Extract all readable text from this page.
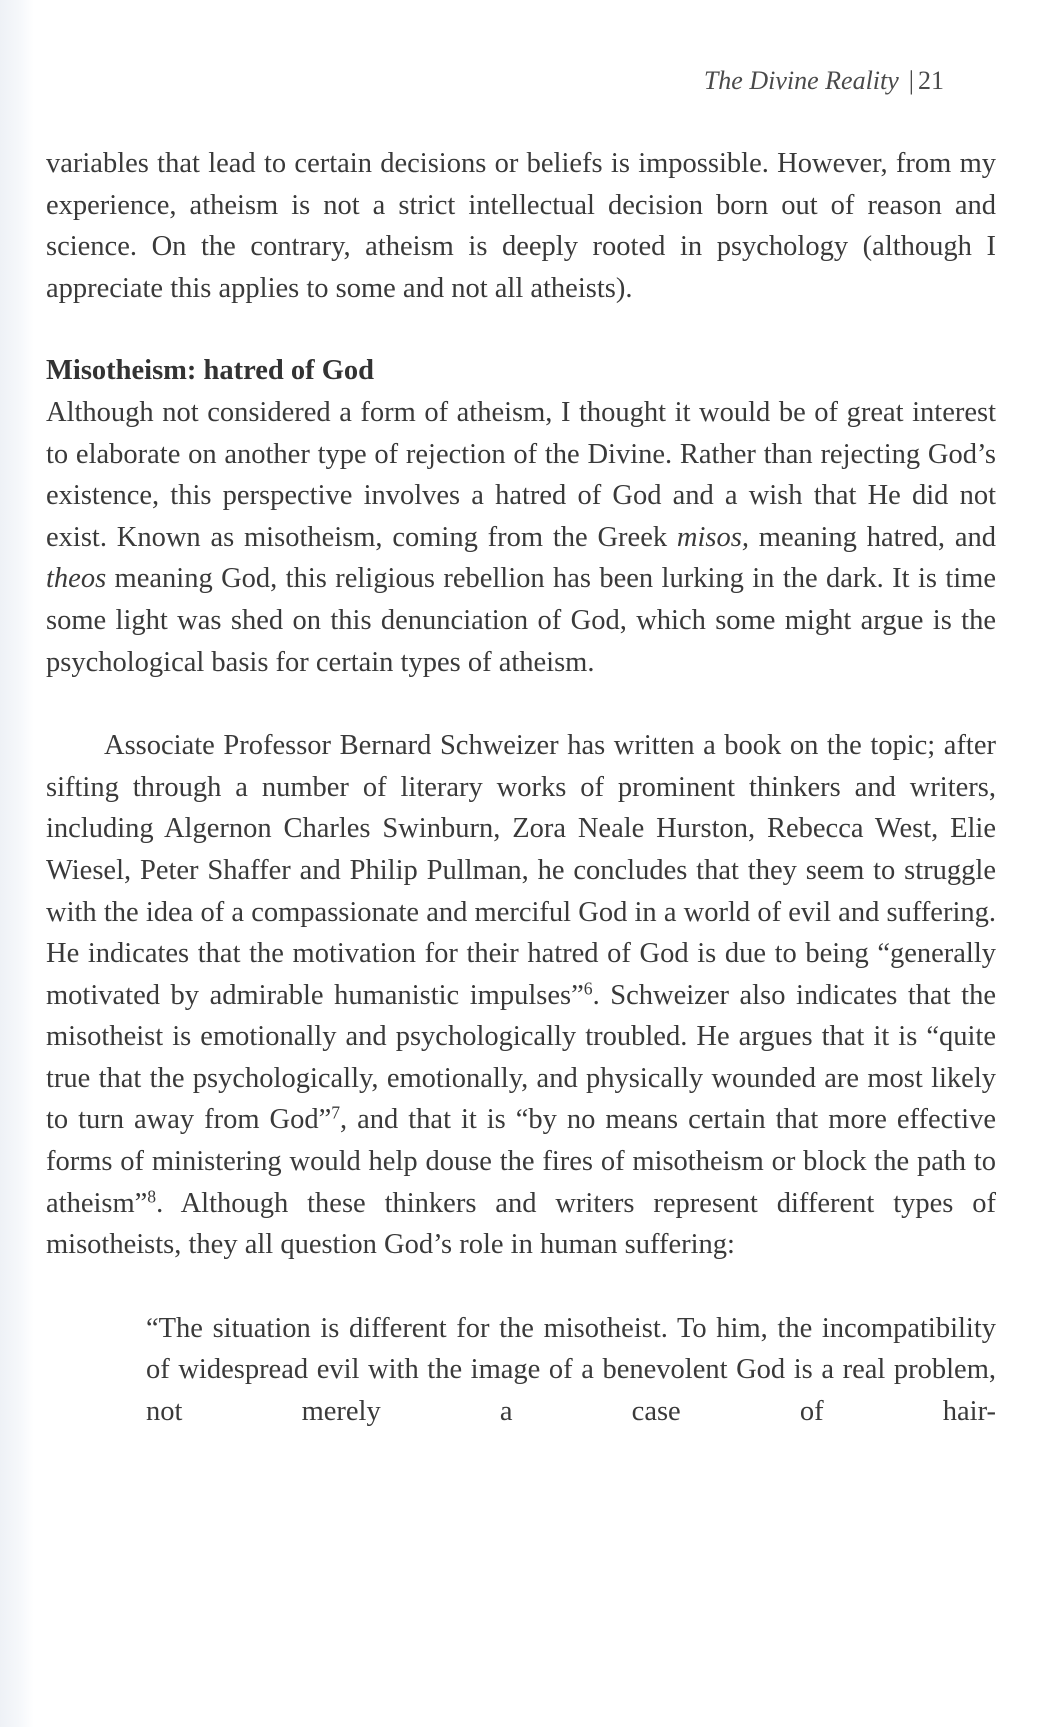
The Divine Reality | 21

variables that lead to certain decisions or beliefs is impossible. However, from my experience, atheism is not a strict intellectual decision born out of reason and science. On the contrary, atheism is deeply rooted in psychology (although I appreciate this applies to some and not all atheists).

Misotheism: hatred of God

Although not considered a form of atheism, I thought it would be of great interest to elaborate on another type of rejection of the Divine. Rather than rejecting God’s existence, this perspective involves a hatred of God and a wish that He did not exist. Known as misotheism, coming from the Greek misos, meaning hatred, and theos meaning God, this religious rebellion has been lurking in the dark. It is time some light was shed on this denunciation of God, which some might argue is the psychological basis for certain types of atheism.

Associate Professor Bernard Schweizer has written a book on the topic; after sifting through a number of literary works of prominent thinkers and writers, including Algernon Charles Swinburn, Zora Neale Hurston, Rebecca West, Elie Wiesel, Peter Shaffer and Philip Pullman, he concludes that they seem to struggle with the idea of a compassionate and merciful God in a world of evil and suffering. He indicates that the motivation for their hatred of God is due to being “generally motivated by admirable humanistic impulses”$^6$. Schweizer also indicates that the misotheist is emotionally and psychologically troubled. He argues that it is “quite true that the psychologically, emotionally, and physically wounded are most likely to turn away from God”$^7$, and that it is “by no means certain that more effective forms of ministering would help douse the fires of misotheism or block the path to atheism”$^8$. Although these thinkers and writers represent different types of misotheists, they all question God’s role in human suffering:

“The situation is different for the misotheist. To him, the incompatibility of widespread evil with the image of a benevolent God is a real problem, not merely a case of hair-
